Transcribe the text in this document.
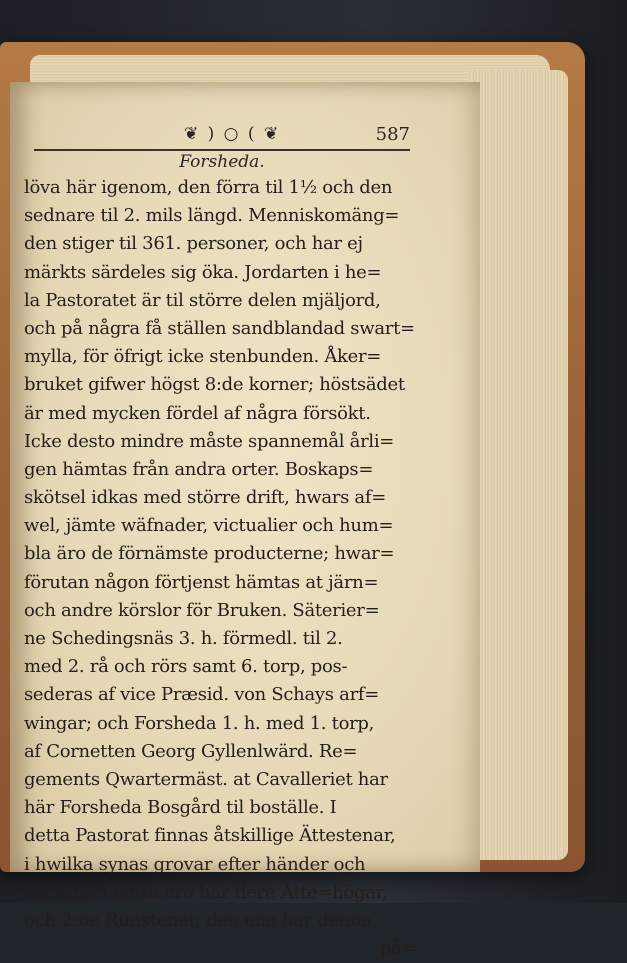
❦ ) ○ ( ❦	587
Forsheda.
löva här igenom, den förra til 1½ och den
sednare til 2. mils längd. Menniskomäng=
den stiger til 361. personer, och har ej
märkts särdeles sig öka. Jordarten i he=
la Pastoratet är til större delen mjäljord,
och på några få ställen sandblandad swart=
mylla, för öfrigt icke stenbunden. Åker=
bruket gifwer högst 8:de korner; höstsädet
är med mycken fördel af några försökt.
Icke desto mindre måste spannemål årli=
gen hämtas från andra orter. Boskaps=
skötsel idkas med större drift, hwars af=
wel, jämte wäfnader, victualier och hum=
bla äro de förnämste producterne; hwar=
förutan någon förtjenst hämtas at järn=
och andre körslor för Bruken. Säterier=
ne Schedingsnäs 3. h. förmedl. til 2.
med 2. rå och rörs samt 6. torp, pos-
sederas af vice Præsid. von Schays arf=
wingar; och Forsheda 1. h. med 1. torp,
af Cornetten Georg Gyllenlwärd. Re=
gements Qwartermäst. at Cavalleriet har
här Forsheda Bosgård til boställe. I
detta Pastorat finnas åtskillige Ättestenar,
i hwilka synas grovar efter händer och
hufwud. Likaså äro här flere Ätte=högar,
och 2:ne Runstenar, den ena har denna
på=
